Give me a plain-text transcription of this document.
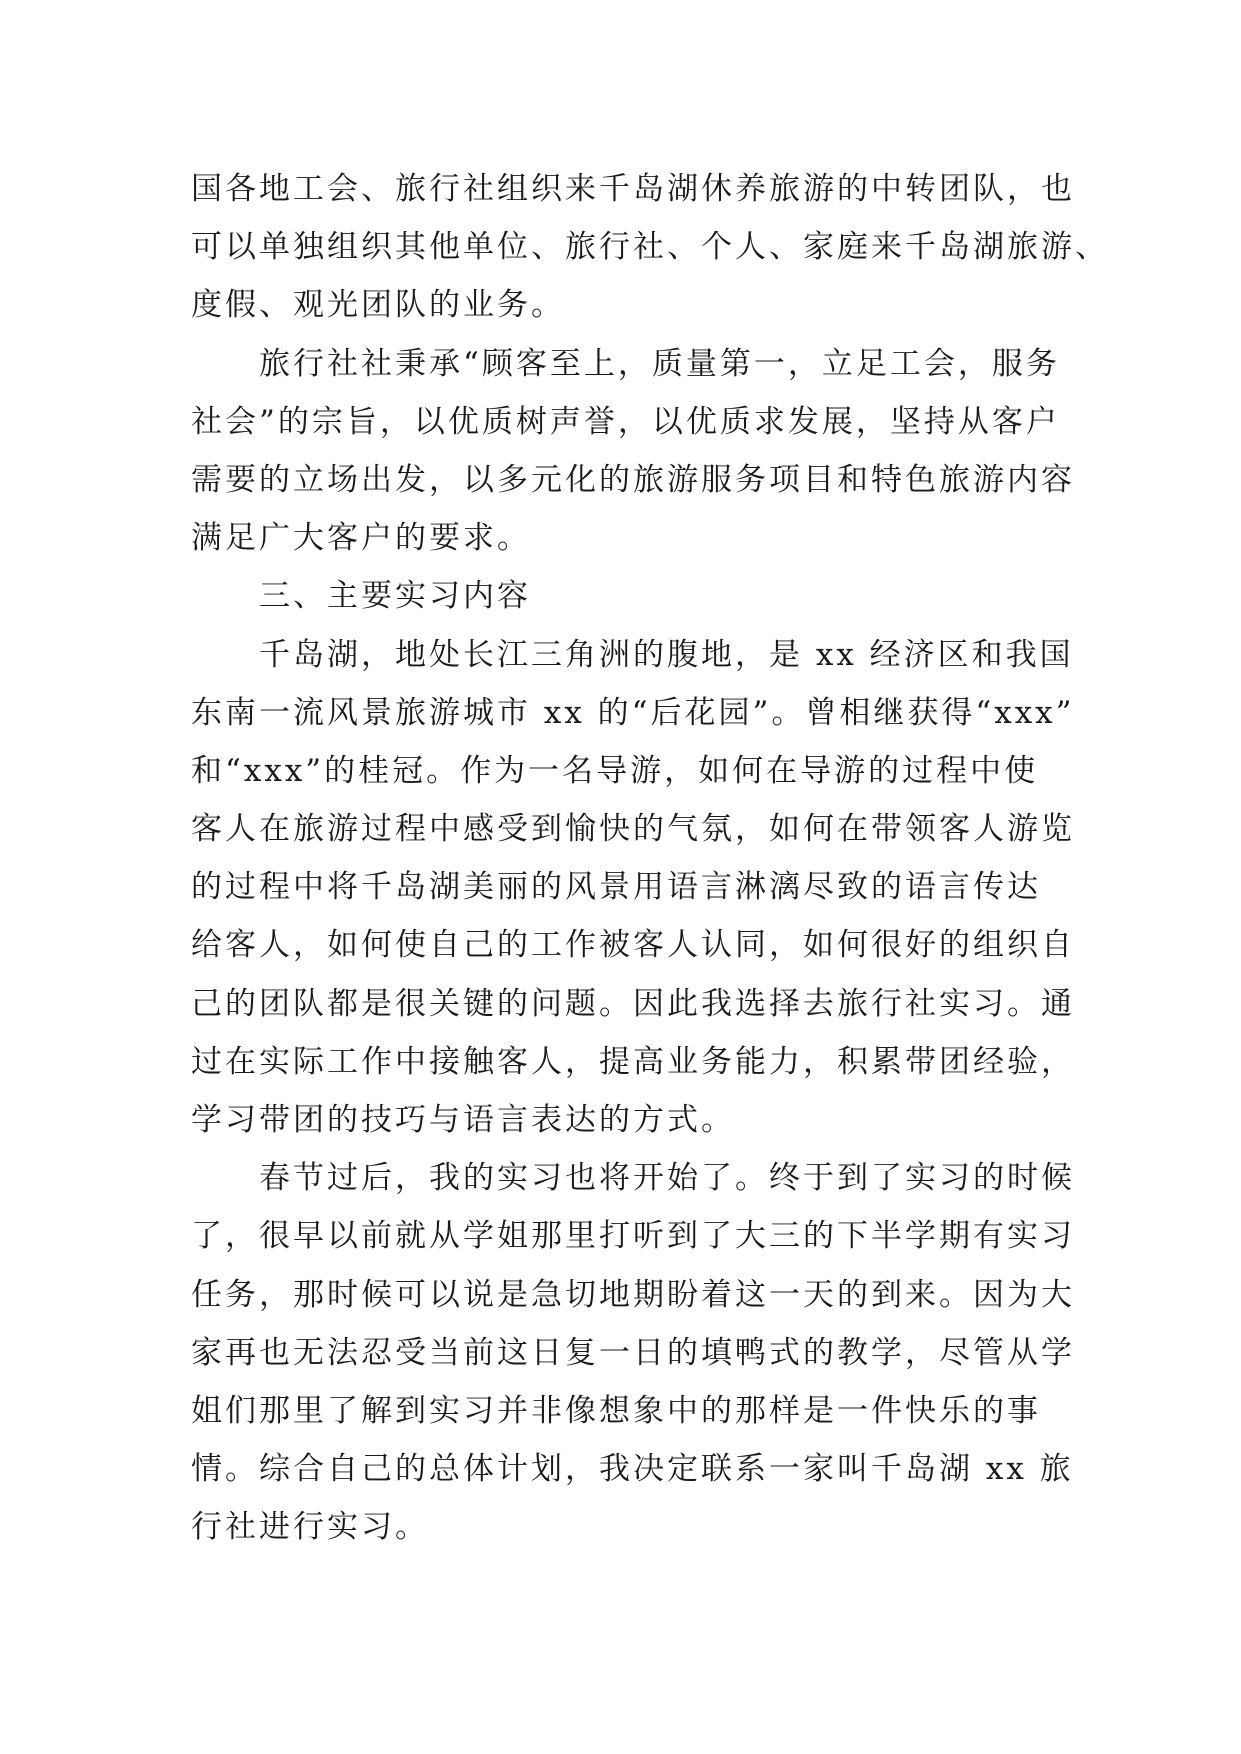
国各地工会、旅行社组织来千岛湖休养旅游的中转团队，也
可以单独组织其他单位、旅行社、个人、家庭来千岛湖旅游、
度假、观光团队的业务。
旅行社社秉承“顾客至上，质量第一，立足工会，服务
社会”的宗旨，以优质树声誉，以优质求发展，坚持从客户
需要的立场出发，以多元化的旅游服务项目和特色旅游内容
满足广大客户的要求。
三、主要实习内容
千岛湖，地处长江三角洲的腹地，是 xx 经济区和我国
东南一流风景旅游城市 xx 的“后花园”。曾相继获得“xxx”
和“xxx”的桂冠。作为一名导游，如何在导游的过程中使
客人在旅游过程中感受到愉快的气氛，如何在带领客人游览
的过程中将千岛湖美丽的风景用语言淋漓尽致的语言传达
给客人，如何使自己的工作被客人认同，如何很好的组织自
己的团队都是很关键的问题。因此我选择去旅行社实习。通
过在实际工作中接触客人，提高业务能力，积累带团经验，
学习带团的技巧与语言表达的方式。
春节过后，我的实习也将开始了。终于到了实习的时候
了，很早以前就从学姐那里打听到了大三的下半学期有实习
任务，那时候可以说是急切地期盼着这一天的到来。因为大
家再也无法忍受当前这日复一日的填鸭式的教学，尽管从学
姐们那里了解到实习并非像想象中的那样是一件快乐的事
情。综合自己的总体计划，我决定联系一家叫千岛湖 xx 旅
行社进行实习。
